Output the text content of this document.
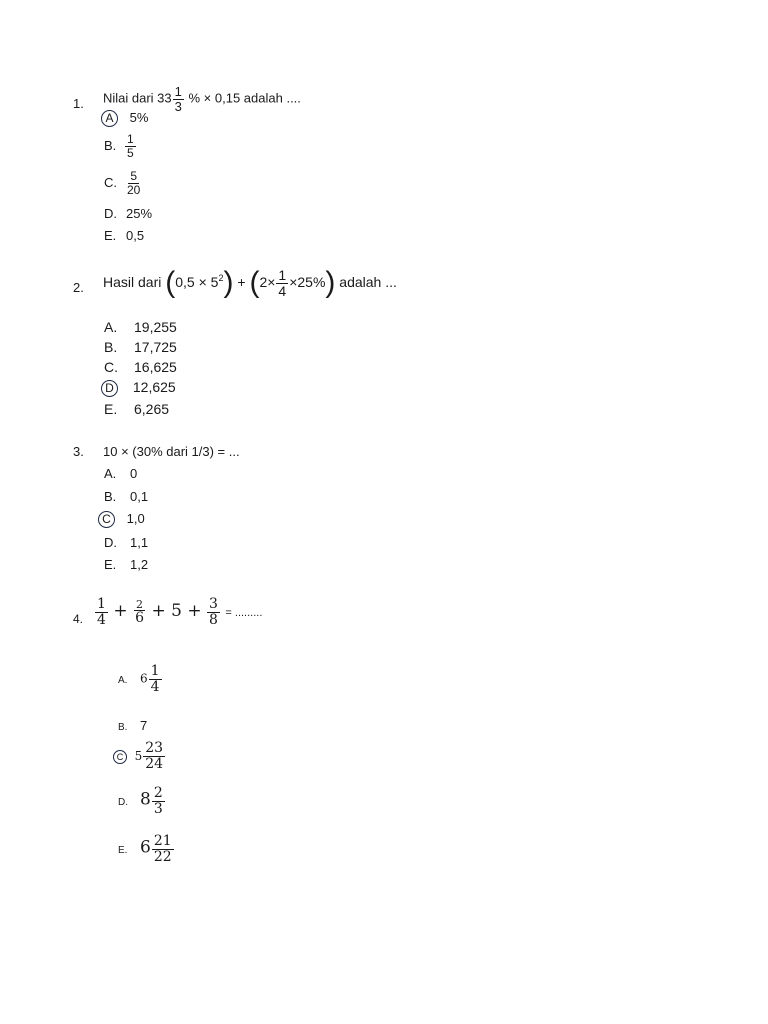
1. Nilai dari $33 \frac{1}{3}$ % × 0,15 adalah ....
A 5%
B. $\frac{1}{5}$
C. $\frac{5}{20}$
D. 25%
E. 0,5
2. Hasil dari $(0,5 \times 5^2) + (2\times \frac{1}{4} \times 25\%)$ adalah ...
A. 19,255
B. 17,725
C. 16,625
D 12,625
E. 6,265
3. 10 × (30% dari 1/3) = ...
A. 0
B. 0,1
C 1,0
D. 1,1
E. 1,2
4. $\frac{1}{4} + \frac{2}{6} + 5 + \frac{3}{8}$ = .........
A. $6 \frac{1}{4}$
B. 7
C $5 \frac{23}{24}$
D. $8 \frac{2}{3}$
E. $6 \frac{21}{22}$
